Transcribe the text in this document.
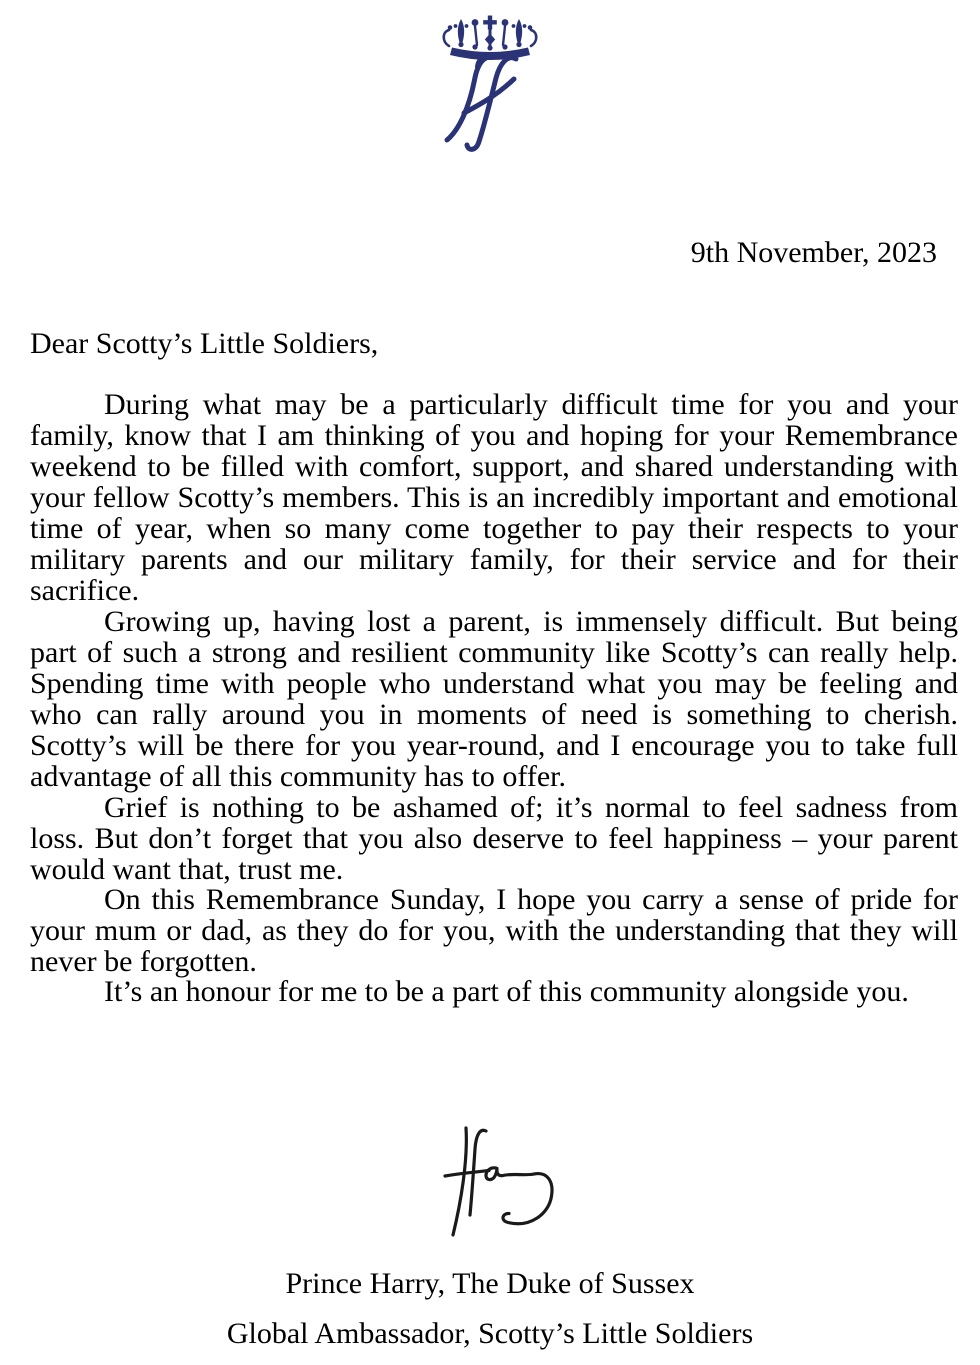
9th November, 2023
Dear Scotty’s Little Soldiers,

During what may be a particularly difficult time for you and your family, know that I am thinking of you and hoping for your Remembrance weekend to be filled with comfort, support, and shared understanding with your fellow Scotty’s members. This is an incredibly important and emotional time of year, when so many come together to pay their respects to your military parents and our military family, for their service and for their sacrifice.

Growing up, having lost a parent, is immensely difficult. But being part of such a strong and resilient community like Scotty’s can really help. Spending time with people who understand what you may be feeling and who can rally around you in moments of need is something to cherish. Scotty’s will be there for you year-round, and I encourage you to take full advantage of all this community has to offer.

Grief is nothing to be ashamed of; it’s normal to feel sadness from loss. But don’t forget that you also deserve to feel happiness – your parent would want that, trust me.

On this Remembrance Sunday, I hope you carry a sense of pride for your mum or dad, as they do for you, with the understanding that they will never be forgotten.

It’s an honour for me to be a part of this community alongside you.

Prince Harry, The Duke of Sussex
Global Ambassador, Scotty’s Little Soldiers
